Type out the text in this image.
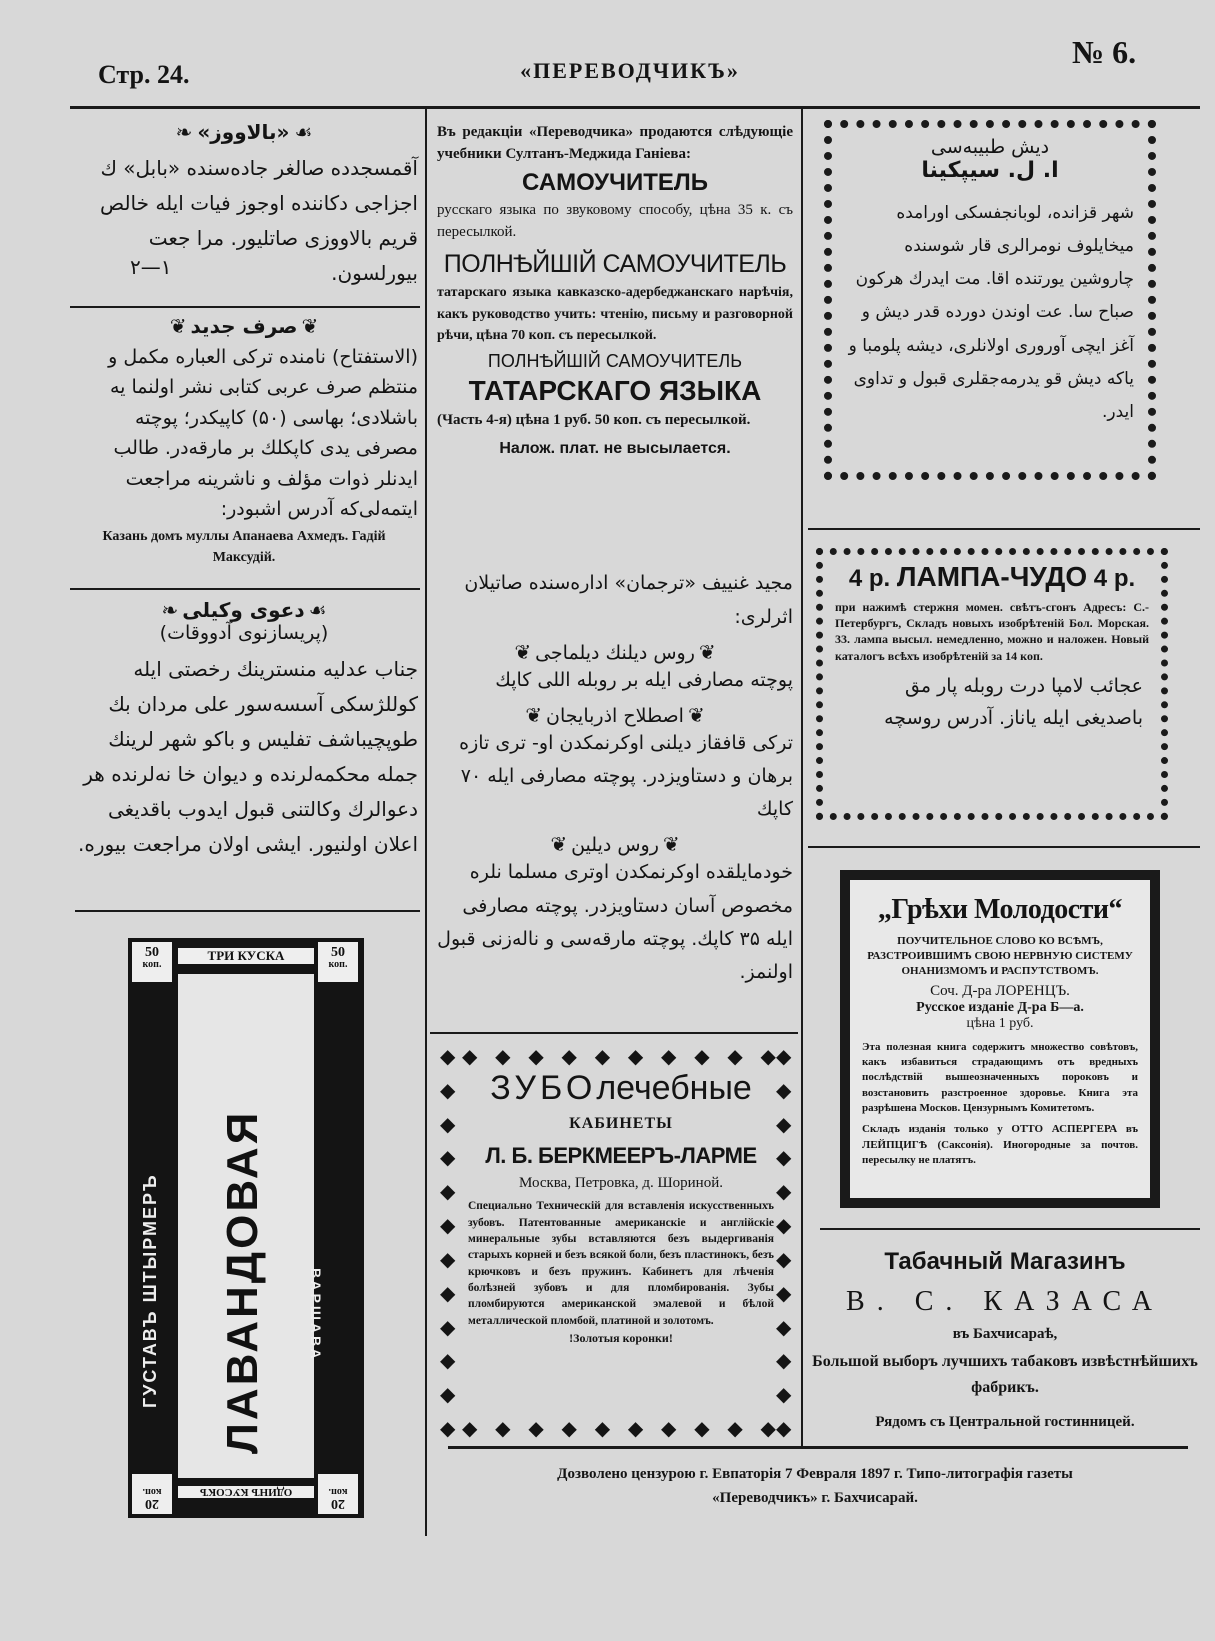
Стр. 24.	«ПЕРЕВОДЧИКЪ»
№ 6.
❧ «بالاووز» ☙
آقمسجدده صالغر جاده‌سنده «بابل» ك اجزاجی دکاننده اوجوز فیات ایله خالص قریم بالاووزی صاتلیور. مرا جعت بیورلسون.
۲—۱
❦ صرف جدید ❦
(الاستفتاح) نامنده ترکی العباره مکمل و منتظم صرف عربی کتابی نشر اولنما یه باشلادی؛ بهاسی (۵۰) کاپیکدر؛ پوچته مصرفی یدی کاپکلك بر مارقه‌در. طالب ایدنلر ذوات مؤلف و ناشرینه مراجعت ایتمه‌لی‌که آدرس اشبودر:
Казань домъ муллы Апанаева Ахмедъ. Гадiй Максудiй.
❧ دعوی وکیلی ☙
(پریسازنوی آدووقات)
جناب عدلیه منسترینك رخصتی ایله کوللژسکی آسسه‌سور علی مردان بك طوپچیباشف تفلیس و باکو شهر لرینك جمله محکمه‌لرنده و دیوان خا نه‌لرنده هر دعوالرك وکالتنی قبول ایدوب باقدیغی اعلان اولنیور. ایشی اولان مراجعت بیوره.
50
коп.
50
коп.
ТРИ КУСКА
ЛАВАНДОВАЯ
ГУСТАВЪ ШТЫРМЕРЪ	ВАРШАВА
20
коп.
20
коп.
ОДИНЪ КУСОКЪ
Въ редакцiи «Переводчика» продаются слѣдующiе учебники Султанъ-Меджида Ганiева:
САМОУЧИТЕЛЬ
русскаго языка по звуковому способу, цѣна 35 к. съ пересылкой.
ПОЛНѢЙШІЙ САМОУЧИТЕЛЬ
татарскаго языка кавказско-адербеджанскаго нарѣчiя, какъ руководство учить: чтенiю, письму и разговорной рѣчи, цѣна 70 коп. съ пересылкой.
ПОЛНѢЙШІЙ САМОУЧИТЕЛЬ
ТАТАРСКАГО ЯЗЫКА
(Часть 4-я) цѣна 1 руб. 50 коп. съ пересылкой.
Налож. плат. не высылается.
مجید غنیيف «ترجمان» اداره‌سنده صاتیلان اثرلری:
❦ روس دیلنك دیلماجی ❦
پوچته مصارفی ایله بر روبله اللی کاپك
❦ اصطلاح اذربایجان ❦
ترکی قافقاز دیلنی اوکرنمکدن او- تری تازه برهان و دستاویزدر. پوچته مصارفی ایله ۷۰ کاپك
❦ روس دیلین ❦
خودمایلقده اوکرنمکدن اوتری مسلما نلره مخصوص آسان دستاویزدر. پوچته مصارفی ایله ۳۵ کاپك. پوچته مارقه‌سی و ناله‌زنی قبول اولنمز.
◆
◆
◆
◆
◆
◆
◆
◆
◆
◆
◆
◆
◆
◆
◆
◆
◆
◆
◆
◆
◆
◆
◆
◆
◆ ◆ ◆ ◆ ◆ ◆ ◆ ◆ ◆ ◆
◆ ◆ ◆ ◆ ◆ ◆ ◆ ◆ ◆ ◆
ЗУБОлечебные
КАБИНЕТЫ
Л. Б. БЕРКМЕЕРЪ-ЛАРМЕ
Москва, Петровка, д. Шориной.
Специально Техническiй для вставленiя искусственныхъ зубовъ. Патентованные американскiе и англiйскiе минеральные зубы вставляются безъ выдергиванiя старыхъ корней и безъ всякой боли, безъ пластинокъ, безъ крючковъ и безъ пружинъ. Кабинетъ для лѣченiя болѣзней зубовъ и для пломбированiя. Зубы пломбируются американской эмалевой и бѣлой металлической пломбой, платиной и золотомъ.
!Золотыя коронки!
دیش طبیبه‌سی
ا. ل. سیپکینا
شهر قزانده، لوبانجفسکی اورامده میخایلوف نومرالری قار شوسنده چاروشین یورتنده اقا. مت ایدرك هرکون صباح سا. عت اوندن دورده قدر دیش و آغز ایچی آوروری اولانلری، دیشه پلومبا و یاکه دیش قو یدرمه‌جقلری قبول و تداوی ایدر.
4 р. ЛАМПА-ЧУДО 4 р.
при нажимѣ стержня момен. свѣтъ-сгонъ Адресъ: С.-Петербургъ, Складъ новыхъ изобрѣтенiй Бол. Морская. 33. лампа высыл. немедленно, можно и наложен. Новый каталогъ всѣхъ изобрѣтенiй за 14 коп.
عجائب لامپا درت روبله پار مق باصدیغی ایله یاناز. آدرس روسچه
„Грѣхи Молодости“
ПОУЧИТЕЛЬНОЕ СЛОВО КО ВСѢМЪ, РАЗСТРОИВШИМЪ СВОЮ НЕРВНУЮ СИСТЕМУ ОНАНИЗМОМЪ И РАСПУТСТВОМЪ.
Соч. Д-ра ЛОРЕНЦЪ.
Русское изданiе Д-ра Б—а.
цѣна 1 руб.
Эта полезная книга содержитъ множество совѣтовъ, какъ избавиться страдающимъ отъ вредныхъ послѣдствiй вышеозначенныхъ пороковъ и возстановить разстроенное здоровье. Книга эта разрѣшена Москов. Цензурнымъ Комитетомъ.
Складъ изданiя только у ОТТО АСПЕРГЕРА въ ЛЕЙПЦИГѢ (Саксонiя). Иногородные за почтов. пересылку не платятъ.
Табачный Магазинъ
В. С. КАЗАСА
въ Бахчисараѣ,
Большой выборъ лучшихъ табаковъ извѣстнѣйшихъ фабрикъ.
Рядомъ съ Центральной гостинницей.
Дозволено цензурою г. Евпаторiя 7 Февраля 1897 г. Типо-литографiя газеты
«Переводчикъ» г. Бахчисарай.
